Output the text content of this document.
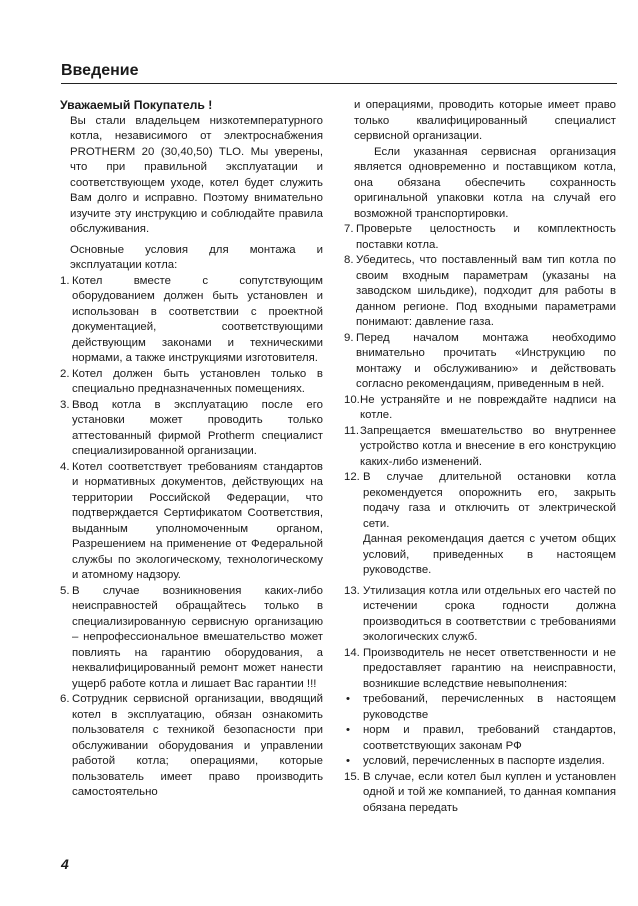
Введение

Уважаемый Покупатель !

Вы стали владельцем низкотемпературного котла, независимого от электроснабжения PROTHERM 20 (30,40,50) TLO. Мы уверены, что при правильной эксплуатации и соответствующем уходе, котел будет служить Вам долго и исправно. Поэтому внимательно изучите эту инструкцию и соблюдайте правила обслуживания.

Основные условия для монтажа и эксплуатации котла:

1. Котел вместе с сопутствующим оборудованием должен быть установлен и использован в соответствии с проектной документацией, соответствующими действующим законами и техническими нормами, а также инструкциями изготовителя.
2. Котел должен быть установлен только в специально предназначенных помещениях.
3. Ввод котла в эксплуатацию после его установки может проводить только аттестованный фирмой Protherm специалист специализированной организации.
4. Котел соответствует требованиям стандартов и нормативных документов, действующих на территории Российской Федерации, что подтверждается Сертификатом Соответствия, выданным уполномоченным органом, Разрешением на применение от Федеральной службы по экологическому, технологическому и атомному надзору.
5. В случае возникновения каких-либо неисправностей обращайтесь только в специализированную сервисную организацию – непрофессиональное вмешательство может повлиять на гарантию оборудования, а неквалифицированный ремонт может нанести ущерб работе котла и лишает Вас гарантии !!!
6. Сотрудник сервисной организации, вводящий котел в эксплуатацию, обязан ознакомить пользователя с техникой безопасности при обслуживании оборудования и управлении работой котла; операциями, которые пользователь имеет право производить самостоятельно

и операциями, проводить которые имеет право только квалифицированный специалист сервисной организации.

Если указанная сервисная организация является одновременно и поставщиком котла, она обязана обеспечить сохранность оригинальной упаковки котла на случай его возможной транспортировки.

7. Проверьте целостность и комплектность поставки котла.
8. Убедитесь, что поставленный вам тип котла по своим входным параметрам (указаны на заводском шильдике), подходит для работы в данном регионе. Под входными параметрами понимают: давление газа.
9. Перед началом монтажа необходимо внимательно прочитать «Инструкцию по монтажу и обслуживанию» и действовать согласно рекомендациям, приведенным в ней.
10. Не устраняйте и не повреждайте надписи на котле.
11. Запрещается вмешательство во внутреннее устройство котла и внесение в его конструкцию каких-либо изменений.
12. В случае длительной остановки котла рекомендуется опорожнить его, закрыть подачу газа и отключить от электрической сети.
Данная рекомендация дается с учетом общих условий, приведенных в настоящем руководстве.
13. Утилизация котла или отдельных его частей по истечении срока годности должна производиться в соответствии с требованиями экологических служб.
14. Производитель не несет ответственности и не предоставляет гарантию на неисправности, возникшие вследствие невыполнения:
• требований, перечисленных в настоящем руководстве
• норм и правил, требований стандартов, соответствующих законам РФ
• условий, перечисленных в паспорте изделия.
15. В случае, если котел был куплен и установлен одной и той же компанией, то данная компания обязана передать
4
